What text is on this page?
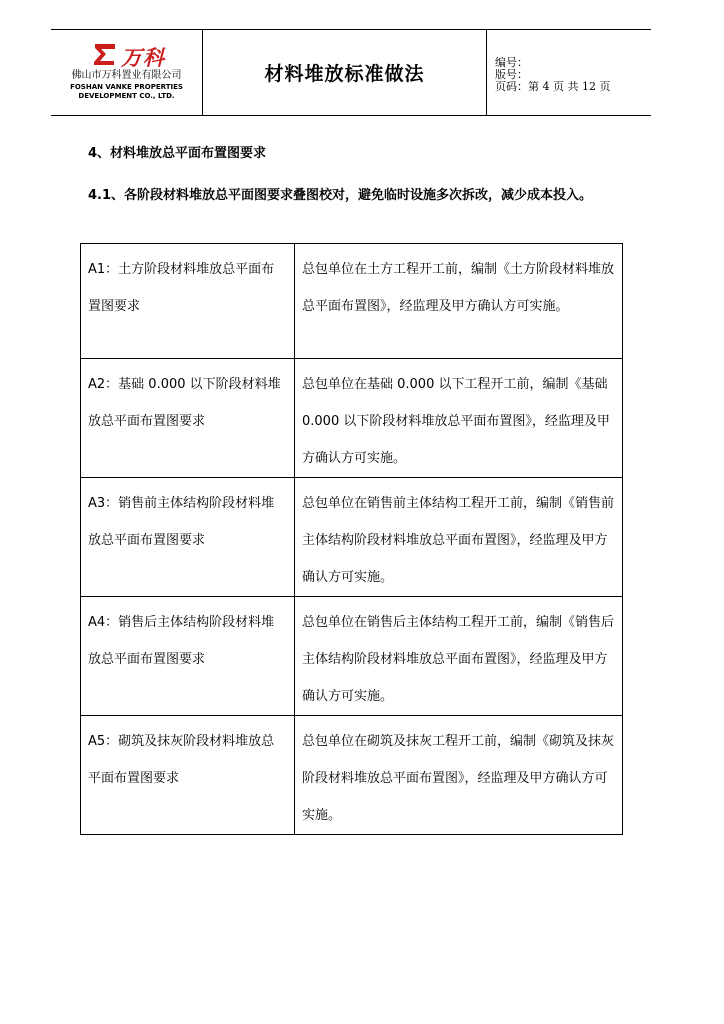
万科
佛山市万科置业有限公司
FOSHAN VANKE PROPERTIES
DEVELOPMENT CO., LTD.
材料堆放标准做法
编号：
版号：
页码：第 4 页 共 12 页
4、材料堆放总平面布置图要求

4.1、各阶段材料堆放总平面图要求叠图校对，避免临时设施多次拆改，减少成本投入。

A1：土方阶段材料堆放总平面布置图要求	总包单位在土方工程开工前，编制《土方阶段材料堆放总平面布置图》，经监理及甲方确认方可实施。
A2：基础 0.000 以下阶段材料堆放总平面布置图要求	总包单位在基础 0.000 以下工程开工前，编制《基础 0.000 以下阶段材料堆放总平面布置图》，经监理及甲方确认方可实施。
A3：销售前主体结构阶段材料堆放总平面布置图要求	总包单位在销售前主体结构工程开工前，编制《销售前主体结构阶段材料堆放总平面布置图》，经监理及甲方确认方可实施。
A4：销售后主体结构阶段材料堆放总平面布置图要求	总包单位在销售后主体结构工程开工前，编制《销售后主体结构阶段材料堆放总平面布置图》，经监理及甲方确认方可实施。
A5：砌筑及抹灰阶段材料堆放总平面布置图要求	总包单位在砌筑及抹灰工程开工前，编制《砌筑及抹灰阶段材料堆放总平面布置图》，经监理及甲方确认方可实施。
